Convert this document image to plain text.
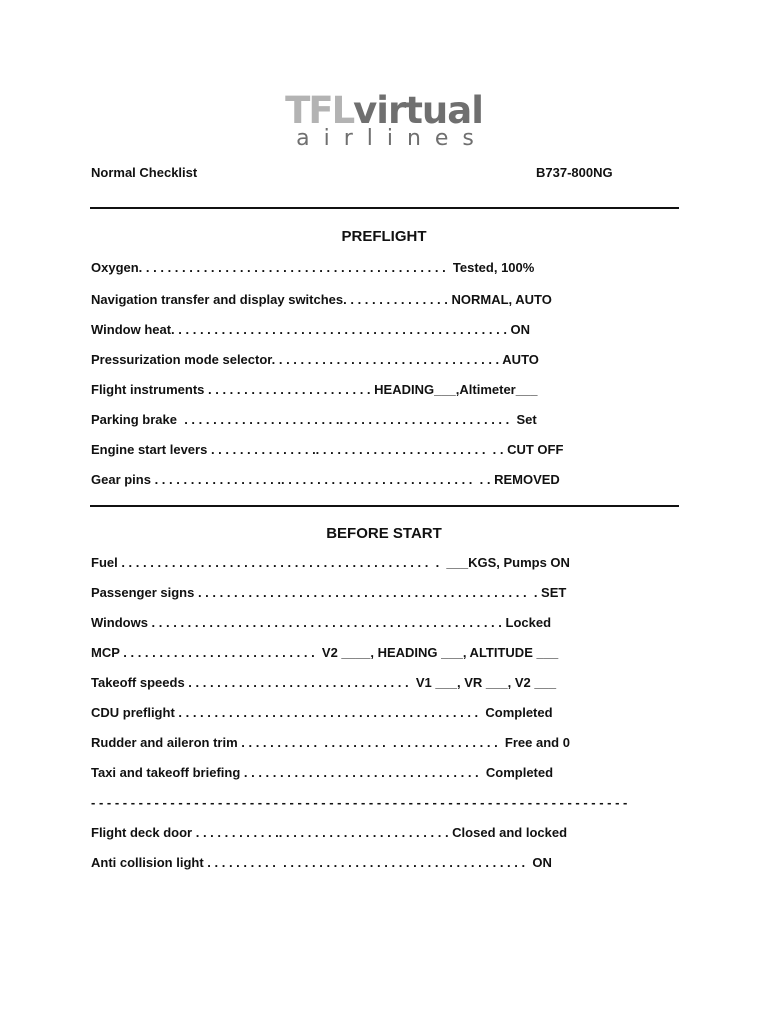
TFLvirtual
airlines
Normal Checklist	B737-800NG
PREFLIGHT
Oxygen. . . . . . . . . . . . . . . . . . . . . . . . . . . . . . . . . . . . . . . . . . .  Tested, 100%
Navigation transfer and display switches. . . . . . . . . . . . . . . NORMAL, AUTO
Window heat. . . . . . . . . . . . . . . . . . . . . . . . . . . . . . . . . . . . . . . . . . . . . . . ON
Pressurization mode selector. . . . . . . . . . . . . . . . . . . . . . . . . . . . . . . . AUTO
Flight instruments . . . . . . . . . . . . . . . . . . . . . . . HEADING___,Altimeter___
Parking brake  . . . . . . . . . . . . . . . . . . . . . .. . . . . . . . . . . . . . . . . . . . . . . .  Set
Engine start levers . . . . . . . . . . . . . . .. . . . . . . . . . . . . . . . . . . . . . . .  . . CUT OFF
Gear pins . . . . . . . . . . . . . . . . . .. . . . . . . . . . . . . . . . . . . . . . . . . . .  . . REMOVED
BEFORE START
Fuel . . . . . . . . . . . . . . . . . . . . . . . . . . . . . . . . . . . . . . . . . . .  .  ___KGS, Pumps ON
Passenger signs . . . . . . . . . . . . . . . . . . . . . . . . . . . . . . . . . . . . . . . . . . . . . .  . SET
Windows . . . . . . . . . . . . . . . . . . . . . . . . . . . . . . . . . . . . . . . . . . . . . . . . . Locked
MCP . . . . . . . . . . . . . . . . . . . . . . . . . . .  V2 ____, HEADING ___, ALTITUDE ___
Takeoff speeds . . . . . . . . . . . . . . . . . . . . . . . . . . . . . . .  V1 ___, VR ___, V2 ___
CDU preflight . . . . . . . . . . . . . . . . . . . . . . . . . . . . . . . . . . . . . . . . . .  Completed
Rudder and aileron trim . . . . . . . . . . .  . . . . . . . . .  . . . . . . . . . . . . . . .  Free and 0
Taxi and takeoff briefing . . . . . . . . . . . . . . . . . . . . . . . . . . . . . . . . .  Completed
- - - - - - - - - - - - - - - - - - - - - - - - - - - - - - - - - - - - - - - - - - - - - - - - - - - - - - - - - - - - - - - - - - - -
Flight deck door . . . . . . . . . . . .. . . . . . . . . . . . . . . . . . . . . . . . Closed and locked
Anti collision light . . . . . . . . . .  . . . . . . . . . . . . . . . . . . . . . . . . . . . . . . . . . .  ON
